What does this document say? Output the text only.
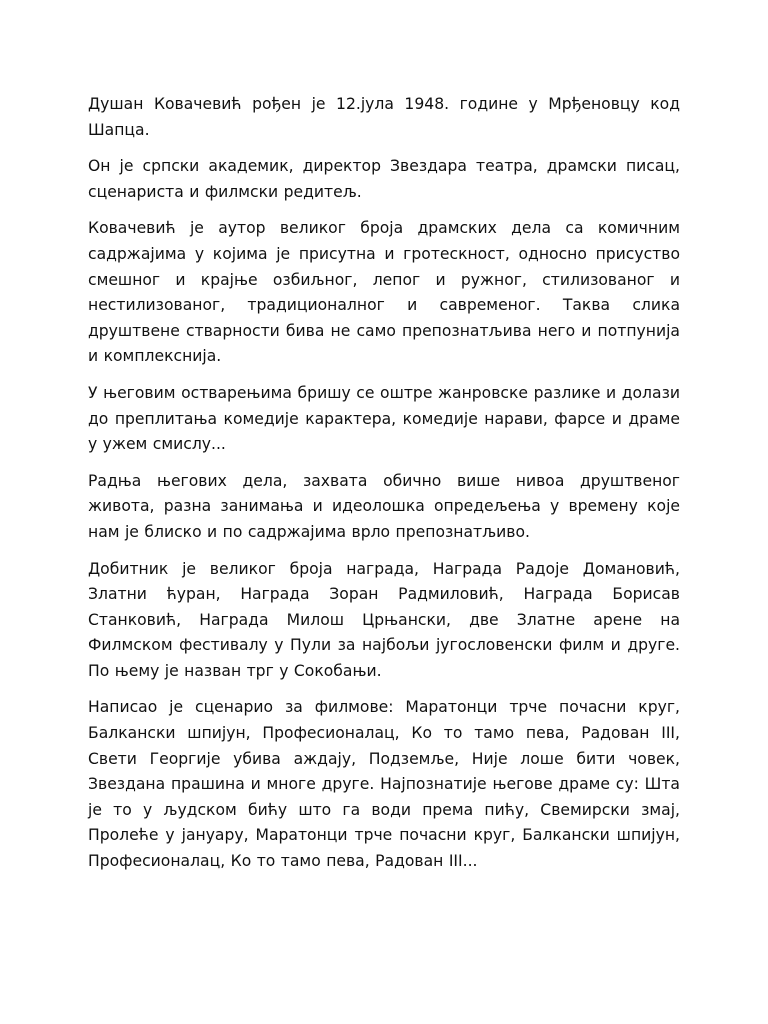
Душан Ковачевић рођен је 12.јула 1948. године у Мрђеновцу код Шапца.

Он је српски академик, директор Звездара театра, драмски писац, сценариста и филмски редитељ.

Ковачевић је аутор великог броја драмских дела са комичним садржајима у којима је присутна и гротескност, односно присуство смешног и крајње озбиљног, лепог и ружног, стилизованог и нестилизованог, традиционалног и савременог. Таква слика друштвене стварности бива не само препознатљива него и потпунија и комплекснија.

У његовим остварењима бришу се оштре жанровске разлике и долази до преплитања комедије карактера, комедије нарави, фарсе и драме у ужем смислу...

Радња његових дела, захвата обично више нивоа друштвеног живота, разна занимања и идеолошка опредељења у времену које нам је блиско и по садржајима врло препознатљиво.

Добитник је великог броја награда, Награда Радоје Домановић, Златни ћуран, Награда Зоран Радмиловић, Награда Борисав Станковић, Награда Милош Црњански, две Златне арене на Филмском фестивалу у Пули за најбољи југословенски филм и друге. По њему је назван трг у Сокобањи.

Написао је сценарио за филмове: Маратонци трче почасни круг, Балкански шпијун, Професионалац, Ко то тамо пева, Радован III, Свети Георгије убива аждају, Подземље, Није лоше бити човек, Звездана прашина и многе друге. Најпознатије његове драме су: Шта је то у људском бићу што га води према пићу, Свемирски змај, Пролеће у јануару, Маратонци трче почасни круг, Балкански шпијун, Професионалац, Ко то тамо пева, Радован III...
